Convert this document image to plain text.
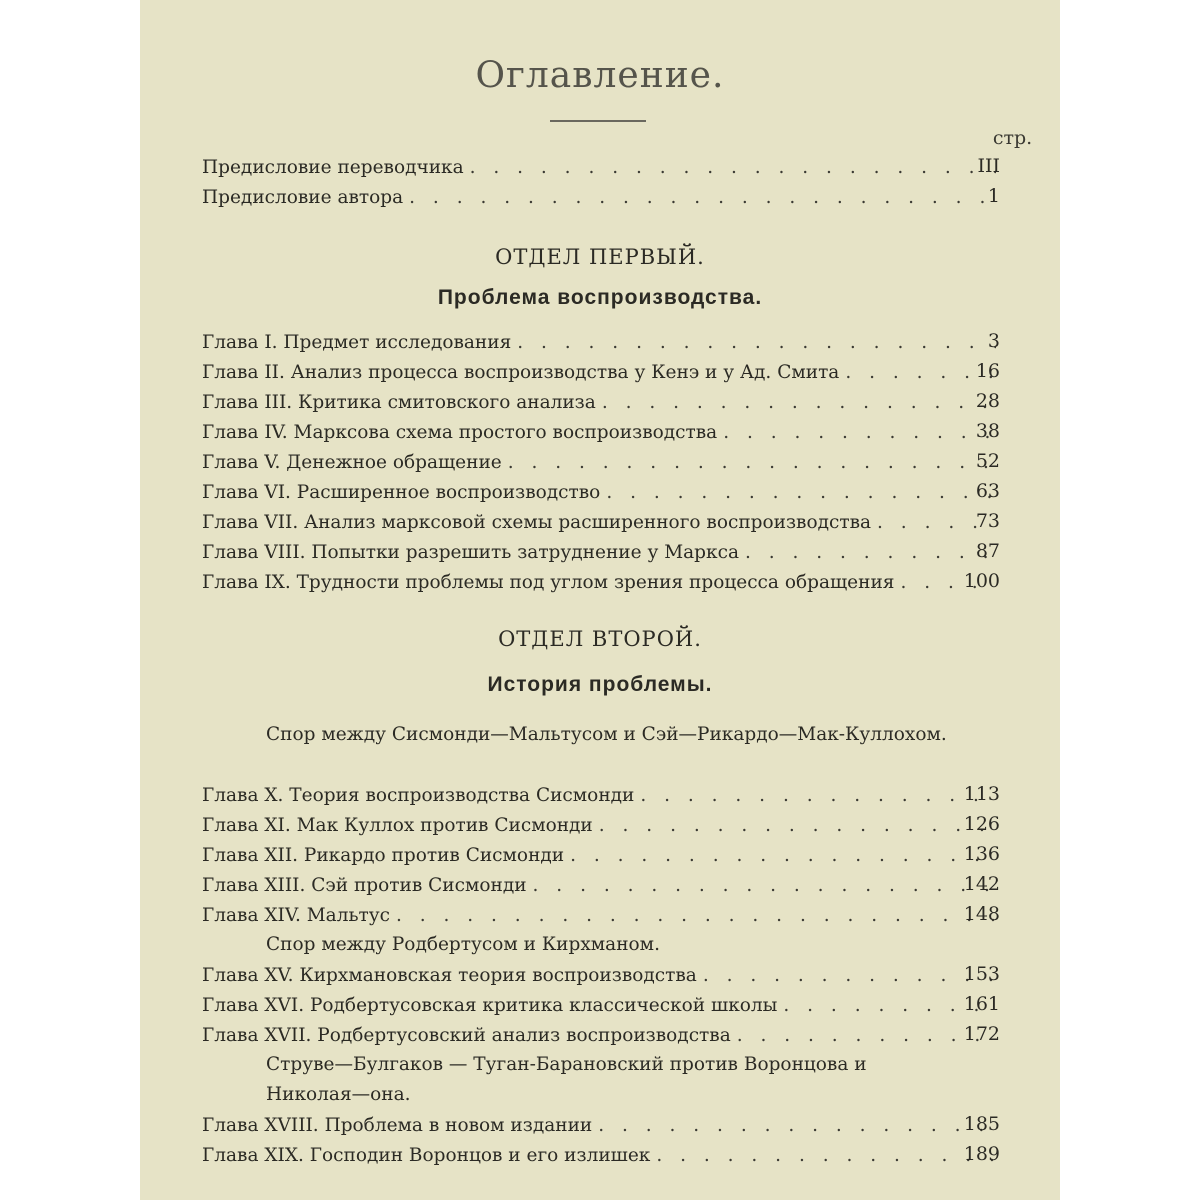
Оглавление.
стр.
Предисловие переводчика . . .	III
Предисловие автора . . .	1
ОТДЕЛ ПЕРВЫЙ.
Проблема воспроизводства.
Глава I. Предмет исследования . . .	3
Глава II. Анализ процесса воспроизводства у Кенэ и у Ад. Смита . . .	16
Глава III. Критика смитовского анализа . . .	28
Глава IV. Марксова схема простого воспроизводства . . .	38
Глава V. Денежное обращение . . .	52
Глава VI. Расширенное воспроизводство . . .	63
Глава VII. Анализ марксовой схемы расширенного воспроизводства . . .	73
Глава VIII. Попытки разрешить затруднение у Маркса . . .	87
Глава IX. Трудности проблемы под углом зрения процесса обращения . . .	100
ОТДЕЛ ВТОРОЙ.
История проблемы.
Спор между Сисмонди—Мальтусом и Сэй—Рикардо—Мак-Куллохом.
Глава X. Теория воспроизводства Сисмонди . . .	113
Глава XI. Мак Куллох против Сисмонди . . .	126
Глава XII. Рикардо против Сисмонди . . .	136
Глава XIII. Сэй против Сисмонди . . .	142
Глава XIV. Мальтус . . .	148
Спор между Родбертусом и Кирхманом.
Глава XV. Кирхмановская теория воспроизводства . . .	153
Глава XVI. Родбертусовская критика классической школы . . .	161
Глава XVII. Родбертусовский анализ воспроизводства . . .	172
Струве—Булгаков — Туган-Барановский против Воронцова и Николая—она.
Глава XVIII. Проблема в новом издании . . .	185
Глава XIX. Господин Воронцов и его излишек . . .	189
